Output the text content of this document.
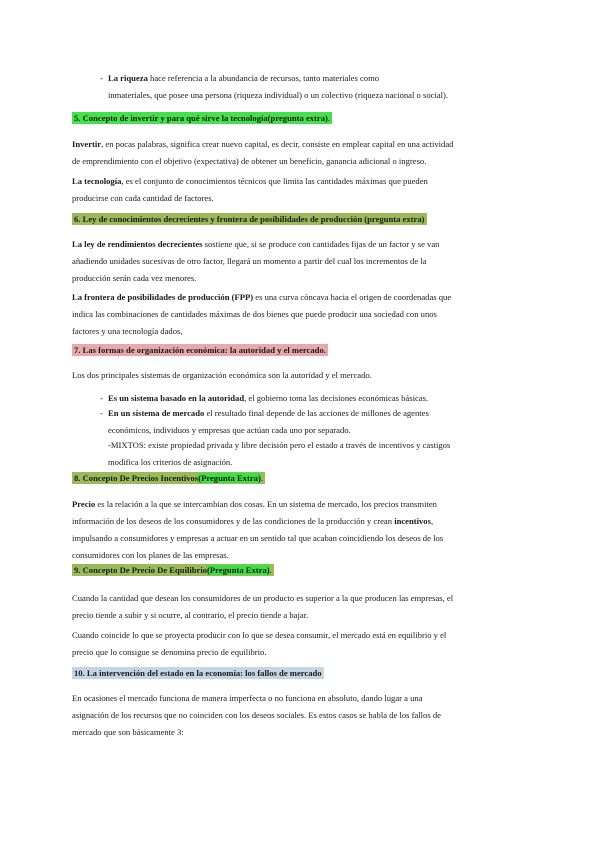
- La riqueza hace referencia a la abundancia de recursos, tanto materiales como

inmateriales, que posee una persona (riqueza individual) o un colectivo (riqueza nacional o social).

5. Concepto de invertir y para qué sirve la tecnología(pregunta extra).

Invertir, en pocas palabras, significa crear nuevo capital, es decir, consiste en emplear capital en una actividad

de emprendimiento con el objetivo (expectativa) de obtener un beneficio, ganancia adicional o ingreso.

La tecnología, es el conjunto de conocimientos técnicos que limita las cantidades máximas que pueden

producirse con cada cantidad de factores.

6. Ley de conocimientos decrecientes y frontera de posibilidades de producción (pregunta extra)

La ley de rendimientos decrecientes sostiene que, si se produce con cantidades fijas de un factor y se van

añadiendo unidades sucesivas de otro factor, llegará un momento a partir del cual los incrementos de la

producción serán cada vez menores.

La frontera de posibilidades de producción (FPP) es una curva cóncava hacia el origen de coordenadas que

indica las combinaciones de cantidades máximas de dos bienes que puede producir una sociedad con unos

factores y una tecnología dados,

7. Las formas de organización económica: la autoridad y el mercado.

Los dos principales sistemas de organización económica son la autoridad y el mercado.

- Es un sistema basado en la autoridad, el gobierno toma las decisiones económicas básicas.

- En un sistema de mercado el resultado final depende de las acciones de millones de agentes

económicos, individuos y empresas que actúan cada uno por separado.

-MIXTOS: existe propiedad privada y libre decisión pero el estado a través de incentivos y castigos

modifica los criterios de asignación.

8. Concepto De Precios Incentivos(Pregunta Extra).

Precio es la relación a la que se intercambian dos cosas. En un sistema de mercado, los precios transmiten

información de los deseos de los consumidores y de las condiciones de la producción y crean incentivos,

impulsando a consumidores y empresas a actuar en un sentido tal que acaban coincidiendo los deseos de los

consumidores con los planes de las empresas.

9. Concepto De Precio De Equilibrio(Pregunta Extra).

Cuando la cantidad que desean los consumidores de un producto es superior a la que producen las empresas, el

precio tiende a subir y si ocurre, al contrario, el precio tiende a bajar.

Cuando coincide lo que se proyecta producir con lo que se desea consumir, el mercado está en equilibrio y el

precio que lo consigue se denomina precio de equilibrio.

10. La intervención del estado en la economía: los fallos de mercado

En ocasiones el mercado funciona de manera imperfecta o no funciona en absoluto, dando lugar a una

asignación de los recursos que no coinciden con los deseos sociales. Es estos casos se habla de los fallos de

mercado que son básicamente 3:
